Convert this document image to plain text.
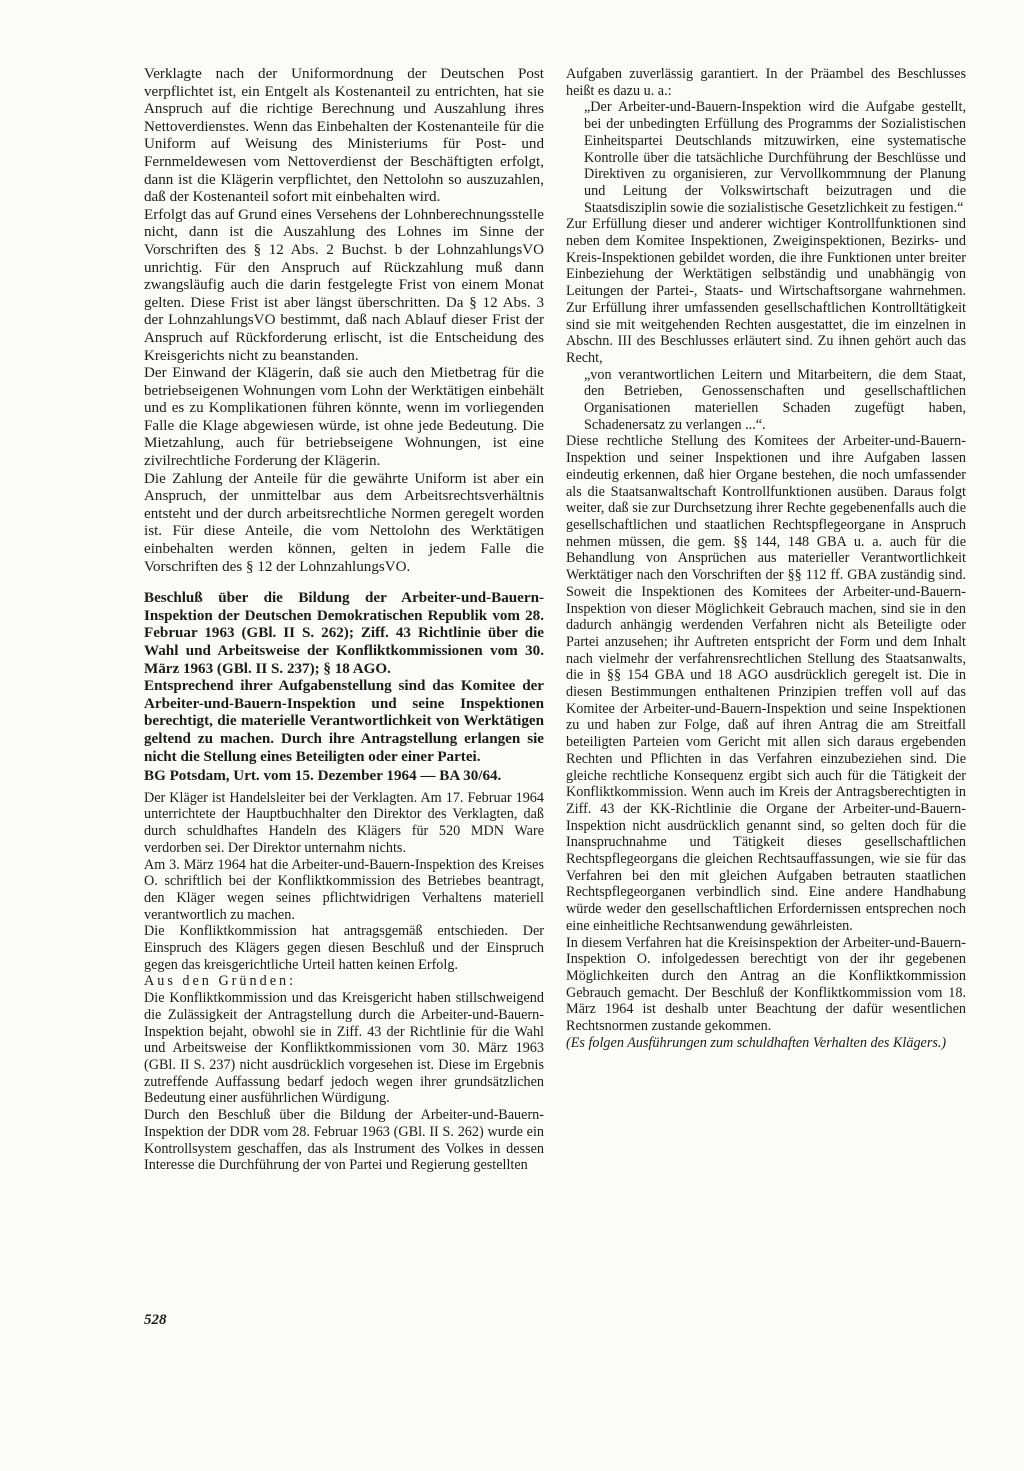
Verklagte nach der Uniformordnung der Deutschen Post verpflichtet ist, ein Entgelt als Kostenanteil zu entrichten, hat sie Anspruch auf die richtige Berechnung und Auszahlung ihres Nettoverdienstes. Wenn das Einbehalten der Kostenanteile für die Uniform auf Weisung des Ministeriums für Post- und Fernmeldewesen vom Nettoverdienst der Beschäftigten erfolgt, dann ist die Klägerin verpflichtet, den Nettolohn so auszuzahlen, daß der Kostenanteil sofort mit einbehalten wird.

Erfolgt das auf Grund eines Versehens der Lohnberechnungsstelle nicht, dann ist die Auszahlung des Lohnes im Sinne der Vorschriften des § 12 Abs. 2 Buchst. b der LohnzahlungsVO unrichtig. Für den Anspruch auf Rückzahlung muß dann zwangsläufig auch die darin festgelegte Frist von einem Monat gelten. Diese Frist ist aber längst überschritten. Da § 12 Abs. 3 der LohnzahlungsVO bestimmt, daß nach Ablauf dieser Frist der Anspruch auf Rückforderung erlischt, ist die Entscheidung des Kreisgerichts nicht zu beanstanden.

Der Einwand der Klägerin, daß sie auch den Mietbetrag für die betriebseigenen Wohnungen vom Lohn der Werktätigen einbehält und es zu Komplikationen führen könnte, wenn im vorliegenden Falle die Klage abgewiesen würde, ist ohne jede Bedeutung. Die Mietzahlung, auch für betriebseigene Wohnungen, ist eine zivilrechtliche Forderung der Klägerin.

Die Zahlung der Anteile für die gewährte Uniform ist aber ein Anspruch, der unmittelbar aus dem Arbeitsrechtsverhältnis entsteht und der durch arbeitsrechtliche Normen geregelt worden ist. Für diese Anteile, die vom Nettolohn des Werktätigen einbehalten werden können, gelten in jedem Falle die Vorschriften des § 12 der LohnzahlungsVO.

Beschluß über die Bildung der Arbeiter-und-Bauern-Inspektion der Deutschen Demokratischen Republik vom 28. Februar 1963 (GBl. II S. 262); Ziff. 43 Richtlinie über die Wahl und Arbeitsweise der Konfliktkommissionen vom 30. März 1963 (GBl. II S. 237); § 18 AGO.

Entsprechend ihrer Aufgabenstellung sind das Komitee der Arbeiter-und-Bauern-Inspektion und seine Inspektionen berechtigt, die materielle Verantwortlichkeit von Werktätigen geltend zu machen. Durch ihre Antragstellung erlangen sie nicht die Stellung eines Beteiligten oder einer Partei.

BG Potsdam, Urt. vom 15. Dezember 1964 — BA 30/64.

Der Kläger ist Handelsleiter bei der Verklagten. Am 17. Februar 1964 unterrichtete der Hauptbuchhalter den Direktor des Verklagten, daß durch schuldhaftes Handeln des Klägers für 520 MDN Ware verdorben sei. Der Direktor unternahm nichts.

Am 3. März 1964 hat die Arbeiter-und-Bauern-Inspektion des Kreises O. schriftlich bei der Konfliktkommission des Betriebes beantragt, den Kläger wegen seines pflichtwidrigen Verhaltens materiell verantwortlich zu machen.

Die Konfliktkommission hat antragsgemäß entschieden. Der Einspruch des Klägers gegen diesen Beschluß und der Einspruch gegen das kreisgerichtliche Urteil hatten keinen Erfolg.

Aus den Gründen:

Die Konfliktkommission und das Kreisgericht haben stillschweigend die Zulässigkeit der Antragstellung durch die Arbeiter-und-Bauern-Inspektion bejaht, obwohl sie in Ziff. 43 der Richtlinie für die Wahl und Arbeitsweise der Konfliktkommissionen vom 30. März 1963 (GBl. II S. 237) nicht ausdrücklich vorgesehen ist. Diese im Ergebnis zutreffende Auffassung bedarf jedoch wegen ihrer grundsätzlichen Bedeutung einer ausführlichen Würdigung.

Durch den Beschluß über die Bildung der Arbeiter-und-Bauern-Inspektion der DDR vom 28. Februar 1963 (GBl. II S. 262) wurde ein Kontrollsystem geschaffen, das als Instrument des Volkes in dessen Interesse die Durchführung der von Partei und Regierung gestellten

Aufgaben zuverlässig garantiert. In der Präambel des Beschlusses heißt es dazu u. a.:

„Der Arbeiter-und-Bauern-Inspektion wird die Aufgabe gestellt, bei der unbedingten Erfüllung des Programms der Sozialistischen Einheitspartei Deutschlands mitzuwirken, eine systematische Kontrolle über die tatsächliche Durchführung der Beschlüsse und Direktiven zu organisieren, zur Vervollkommnung der Planung und Leitung der Volkswirtschaft beizutragen und die Staatsdisziplin sowie die sozialistische Gesetzlichkeit zu festigen.“

Zur Erfüllung dieser und anderer wichtiger Kontrollfunktionen sind neben dem Komitee Inspektionen, Zweiginspektionen, Bezirks- und Kreis-Inspektionen gebildet worden, die ihre Funktionen unter breiter Einbeziehung der Werktätigen selbständig und unabhängig von Leitungen der Partei-, Staats- und Wirtschaftsorgane wahrnehmen. Zur Erfüllung ihrer umfassenden gesellschaftlichen Kontrolltätigkeit sind sie mit weitgehenden Rechten ausgestattet, die im einzelnen in Abschn. III des Beschlusses erläutert sind. Zu ihnen gehört auch das Recht,

„von verantwortlichen Leitern und Mitarbeitern, die dem Staat, den Betrieben, Genossenschaften und gesellschaftlichen Organisationen materiellen Schaden zugefügt haben, Schadenersatz zu verlangen ...“.

Diese rechtliche Stellung des Komitees der Arbeiter-und-Bauern-Inspektion und seiner Inspektionen und ihre Aufgaben lassen eindeutig erkennen, daß hier Organe bestehen, die noch umfassender als die Staatsanwaltschaft Kontrollfunktionen ausüben. Daraus folgt weiter, daß sie zur Durchsetzung ihrer Rechte gegebenenfalls auch die gesellschaftlichen und staatlichen Rechtspflegeorgane in Anspruch nehmen müssen, die gem. §§ 144, 148 GBA u. a. auch für die Behandlung von Ansprüchen aus materieller Verantwortlichkeit Werktätiger nach den Vorschriften der §§ 112 ff. GBA zuständig sind. Soweit die Inspektionen des Komitees der Arbeiter-und-Bauern-Inspektion von dieser Möglichkeit Gebrauch machen, sind sie in den dadurch anhängig werdenden Verfahren nicht als Beteiligte oder Partei anzusehen; ihr Auftreten entspricht der Form und dem Inhalt nach vielmehr der verfahrensrechtlichen Stellung des Staatsanwalts, die in §§ 154 GBA und 18 AGO ausdrücklich geregelt ist. Die in diesen Bestimmungen enthaltenen Prinzipien treffen voll auf das Komitee der Arbeiter-und-Bauern-Inspektion und seine Inspektionen zu und haben zur Folge, daß auf ihren Antrag die am Streitfall beteiligten Parteien vom Gericht mit allen sich daraus ergebenden Rechten und Pflichten in das Verfahren einzubeziehen sind. Die gleiche rechtliche Konsequenz ergibt sich auch für die Tätigkeit der Konfliktkommission. Wenn auch im Kreis der Antragsberechtigten in Ziff. 43 der KK-Richtlinie die Organe der Arbeiter-und-Bauern-Inspektion nicht ausdrücklich genannt sind, so gelten doch für die Inanspruchnahme und Tätigkeit dieses gesellschaftlichen Rechtspflegeorgans die gleichen Rechtsauffassungen, wie sie für das Verfahren bei den mit gleichen Aufgaben betrauten staatlichen Rechtspflegeorganen verbindlich sind. Eine andere Handhabung würde weder den gesellschaftlichen Erfordernissen entsprechen noch eine einheitliche Rechtsanwendung gewährleisten.

In diesem Verfahren hat die Kreisinspektion der Arbeiter-und-Bauern-Inspektion O. infolgedessen berechtigt von der ihr gegebenen Möglichkeiten durch den Antrag an die Konfliktkommission Gebrauch gemacht. Der Beschluß der Konfliktkommission vom 18. März 1964 ist deshalb unter Beachtung der dafür wesentlichen Rechtsnormen zustande gekommen.

(Es folgen Ausführungen zum schuldhaften Verhalten des Klägers.)

528
